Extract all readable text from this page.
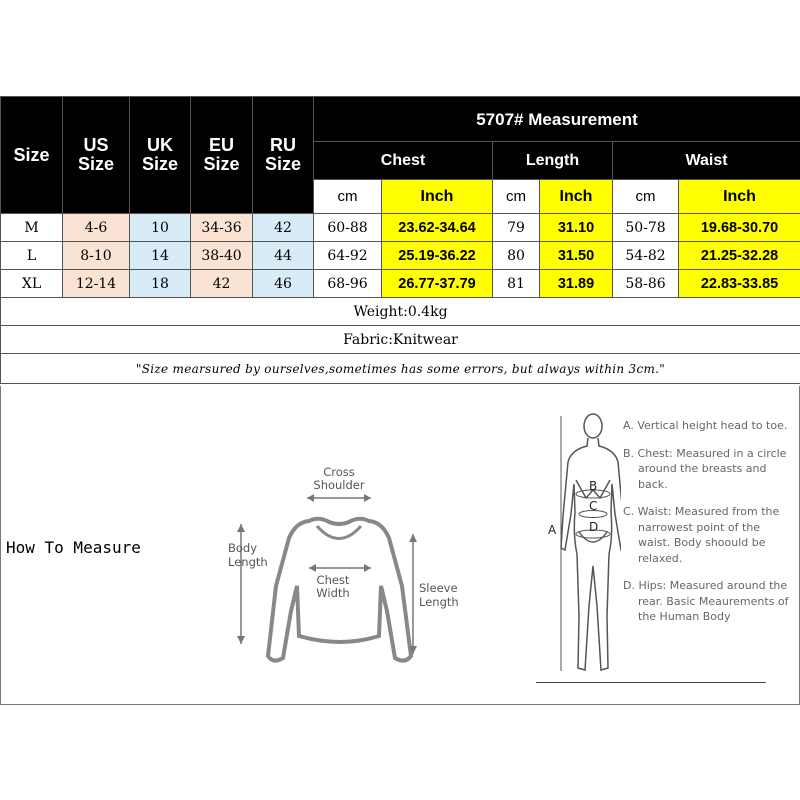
Size	US Size	UK Size	EU Size	RU Size	5707# Measurement					
					Chest		Length		Waist	
					cm	Inch	cm	Inch	cm	Inch
M	4-6	10	34-36	42	60-88	23.62-34.64	79	31.10	50-78	19.68-30.70
L	8-10	14	38-40	44	64-92	25.19-36.22	80	31.50	54-82	21.25-32.28
XL	12-14	18	42	46	68-96	26.77-37.79	81	31.89	58-86	22.83-33.85
Weight:0.4kg										
Fabric:Knitwear										
"Size mearsured by ourselves,sometimes has some errors, but always within 3cm."										
How To Measure
Cross
Shoulder
Body
Length
Chest
Width	Sleeve
Length
A
B
C
D

A. Vertical height head to toe.

B. Chest: Measured in a circle around the breasts and back.

C. Waist: Measured from the narrowest point of the waist. Body shoould be relaxed.

D. Hips: Measured around the rear. Basic Meaurements of the Human Body
